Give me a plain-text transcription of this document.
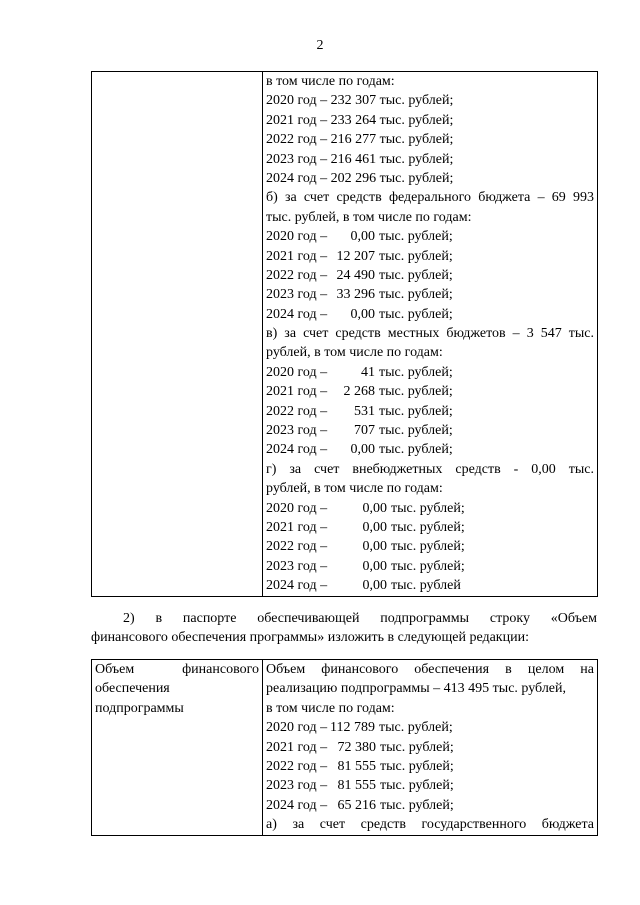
2

в том числе по годам:
2020 год – 232 307 тыс. рублей;
2021 год – 233 264 тыс. рублей;
2022 год – 216 277 тыс. рублей;
2023 год – 216 461 тыс. рублей;
2024 год – 202 296 тыс. рублей;
б) за счет средств федерального бюджета – 69 993
тыс. рублей, в том числе по годам:
2020 год –	0,00 тыс. рублей;
2021 год – 12 207 тыс. рублей;
2022 год – 24 490 тыс. рублей;
2023 год – 33 296 тыс. рублей;
2024 год –	0,00 тыс. рублей;
в) за счет средств местных бюджетов – 3 547 тыс.
рублей, в том числе по годам:
2020 год –	41 тыс. рублей;
2021 год –	2 268 тыс. рублей;
2022 год –	531 тыс. рублей;
2023 год –	707 тыс. рублей;
2024 год –	0,00 тыс. рублей;
г) за счет внебюджетных средств - 0,00 тыс.
рублей, в том числе по годам:
2020 год –	0,00 тыс. рублей;
2021 год –	0,00 тыс. рублей;
2022 год –	0,00 тыс. рублей;
2023 год –	0,00 тыс. рублей;
2024 год –	0,00 тыс. рублей
2) в паспорте обеспечивающей подпрограммы строку «Объем
финансового обеспечения программы» изложить в следующей редакции:
Объем финансового
обеспечения
подпрограммы

Объем финансового обеспечения в целом на
реализацию подпрограммы – 413 495 тыс. рублей,
в том числе по годам:
2020 год – 112 789 тыс. рублей;
2021 год – 72 380 тыс. рублей;
2022 год – 81 555 тыс. рублей;
2023 год – 81 555 тыс. рублей;
2024 год – 65 216 тыс. рублей;
а) за счет средств государственного бюджета
